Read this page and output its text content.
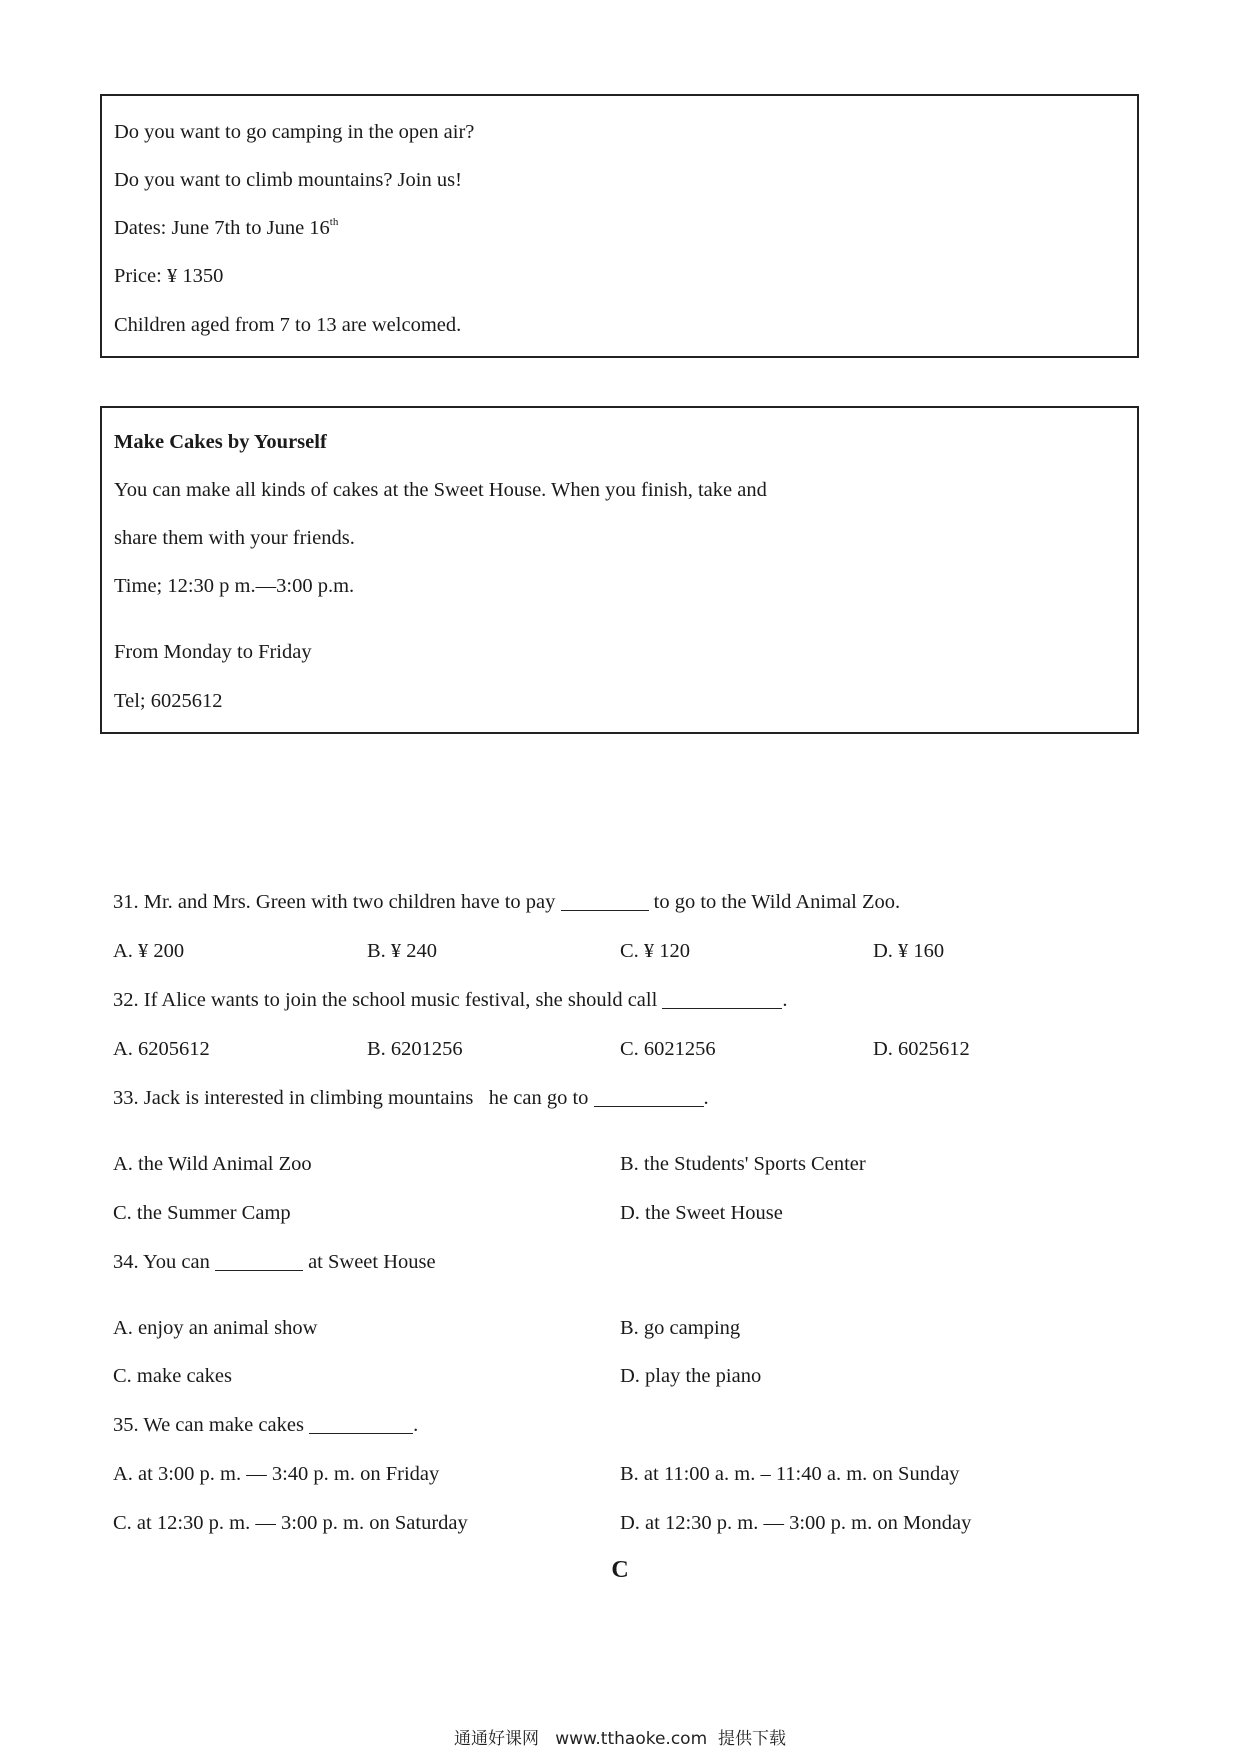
Do you want to go camping in the open air?
Do you want to climb mountains? Join us!
Dates: June 7th to June 16th
Price: ¥ 1350
Children aged from 7 to 13 are welcomed.
Make Cakes by Yourself
You can make all kinds of cakes at the Sweet House. When you finish, take and
share them with your friends.
Time; 12:30 p m.—3:00 p.m.
From Monday to Friday
Tel; 6025612
31. Mr. and Mrs. Green with two children have to pay	to go to the Wild Animal Zoo.
A. ¥ 200	B. ¥ 240	C. ¥ 120	D. ¥ 160
32. If Alice wants to join the school music festival, she should call	.
A. 6205612	B. 6201256	C. 6021256	D. 6025612
33. Jack is interested in climbing mountains   he can go to	.
A. the Wild Animal Zoo	B. the Students' Sports Center
C. the Summer Camp	D. the Sweet House
34. You can	at Sweet House
A. enjoy an animal show	B. go camping
C. make cakes	D. play the piano
35. We can make cakes	.
A. at 3:00 p. m. — 3:40 p. m. on Friday	B. at 11:00 a. m. – 11:40 a. m. on Sunday
C. at 12:30 p. m. — 3:00 p. m. on Saturday	D. at 12:30 p. m. — 3:00 p. m. on Monday
C
通通好课网   www.tthaoke.com  提供下载
